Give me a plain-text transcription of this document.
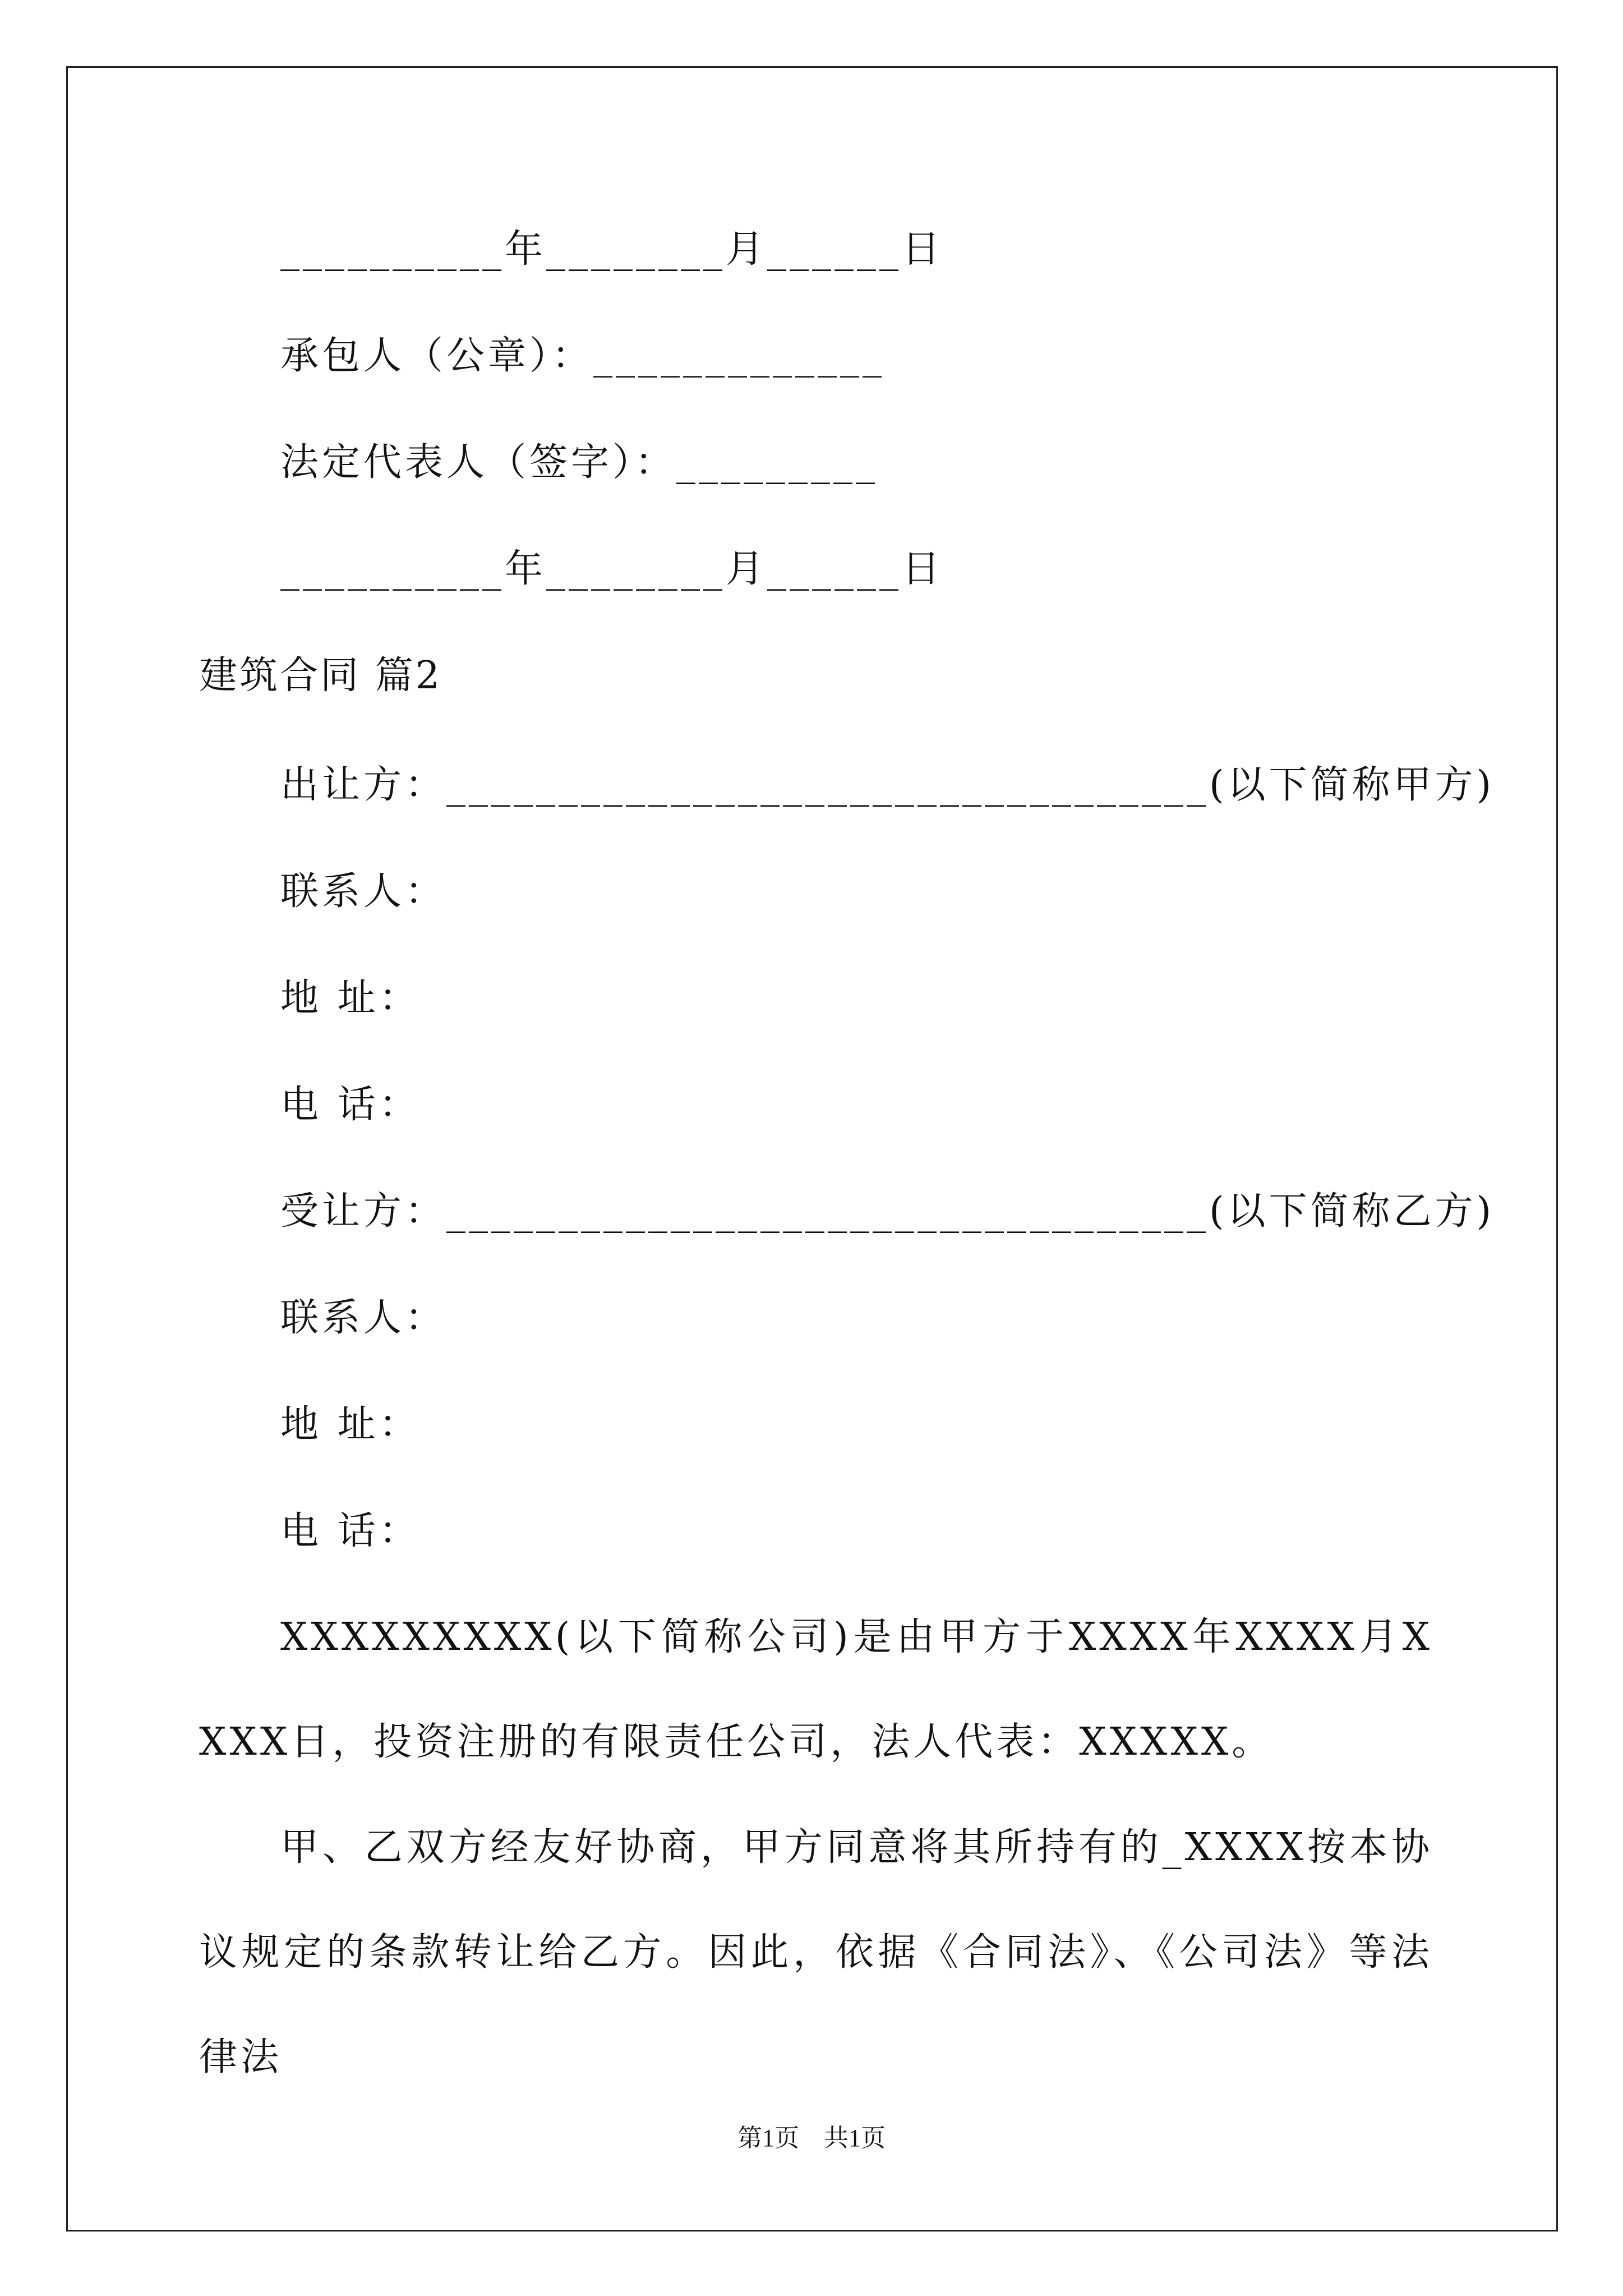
__________年________月______日
承包人（公章）：_____________
法定代表人（签字）：_________
__________年________月______日
建筑合同 篇2
出让方：__________________________________(以下简称甲方)
联系人：
地 址：
电 话：
受让方：__________________________________(以下简称乙方)
联系人：
地 址：
电 话：
XXXXXXXXX(以下简称公司)是由甲方于XXXX年XXXX月XXXX日，投资注册的有限责任公司，法人代表：XXXXX。
甲、乙双方经友好协商，甲方同意将其所持有的_XXXX按本协议规定的条款转让给乙方。因此，依据《合同法》、《公司法》等法律法
第1页    共1页
